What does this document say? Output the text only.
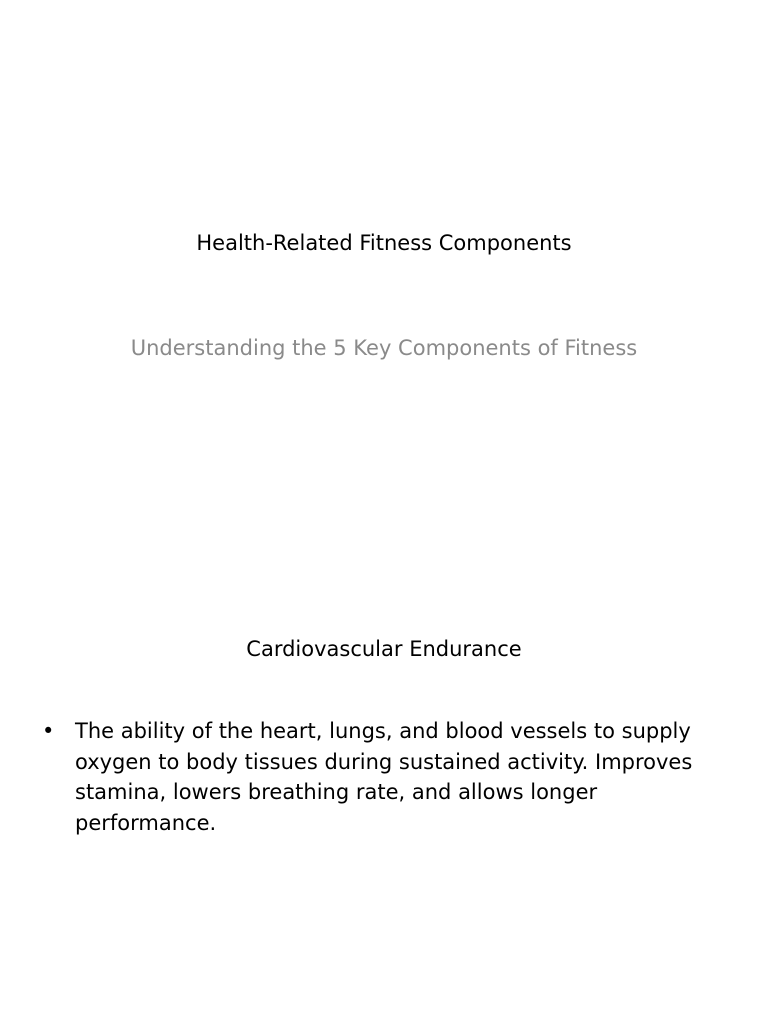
Health-Related Fitness Components
Understanding the 5 Key Components of Fitness
Cardiovascular Endurance
• The ability of the heart, lungs, and blood vessels to supply oxygen to body tissues during sustained activity. Improves stamina, lowers breathing rate, and allows longer performance.
